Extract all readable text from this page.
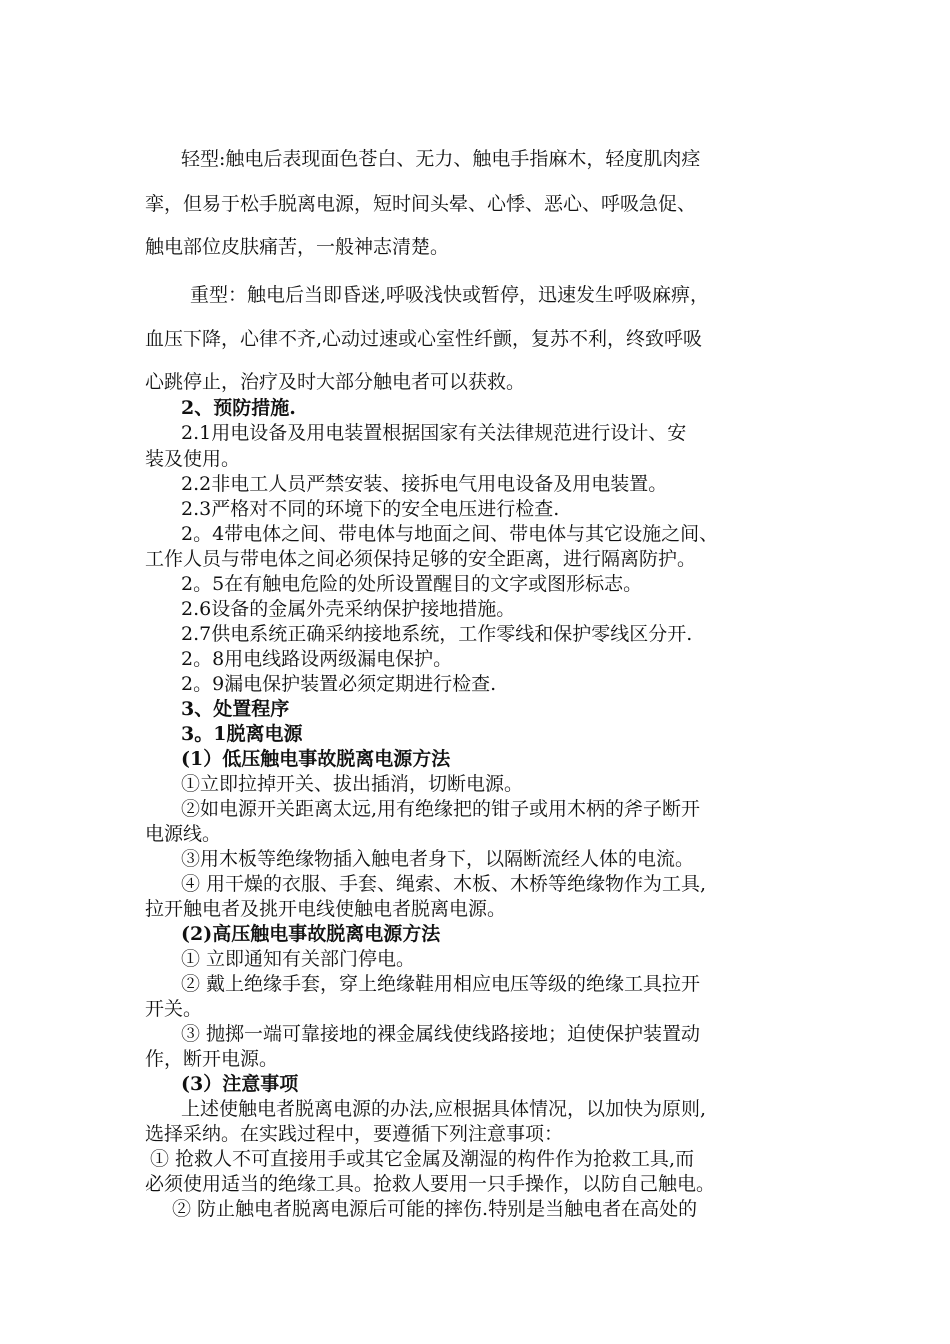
轻型:触电后表现面色苍白、无力、触电手指麻木，轻度肌肉痉
挛，但易于松手脱离电源，短时间头晕、心悸、恶心、呼吸急促、
触电部位皮肤痛苦，一般神志清楚。
重型：触电后当即昏迷,呼吸浅快或暂停，迅速发生呼吸麻痹，
血压下降，心律不齐,心动过速或心室性纤颤，复苏不利，终致呼吸
心跳停止，治疗及时大部分触电者可以获救。
2、预防措施.
2.1用电设备及用电装置根据国家有关法律规范进行设计、安
装及使用。
2.2非电工人员严禁安装、接拆电气用电设备及用电装置。
2.3严格对不同的环境下的安全电压进行检查.
2。4带电体之间、带电体与地面之间、带电体与其它设施之间、
工作人员与带电体之间必须保持足够的安全距离，进行隔离防护。
2。5在有触电危险的处所设置醒目的文字或图形标志。
2.6设备的金属外壳采纳保护接地措施。
2.7供电系统正确采纳接地系统，工作零线和保护零线区分开.
2。8用电线路设两级漏电保护。
2。9漏电保护装置必须定期进行检查.
3、处置程序
3。1脱离电源
(1）低压触电事故脱离电源方法
①立即拉掉开关、拔出插消，切断电源。
②如电源开关距离太远,用有绝缘把的钳子或用木柄的斧子断开
电源线。
③用木板等绝缘物插入触电者身下，以隔断流经人体的电流。
④ 用干燥的衣服、手套、绳索、木板、木桥等绝缘物作为工具,
拉开触电者及挑开电线使触电者脱离电源。
(2)高压触电事故脱离电源方法
① 立即通知有关部门停电。
② 戴上绝缘手套，穿上绝缘鞋用相应电压等级的绝缘工具拉开
开关。
③ 抛掷一端可靠接地的裸金属线使线路接地；迫使保护装置动
作，断开电源。
(3）注意事项
上述使触电者脱离电源的办法,应根据具体情况，以加快为原则,
选择采纳。在实践过程中，要遵循下列注意事项：
① 抢救人不可直接用手或其它金属及潮湿的构件作为抢救工具,而
必须使用适当的绝缘工具。抢救人要用一只手操作，以防自己触电。
② 防止触电者脱离电源后可能的摔伤.特别是当触电者在高处的
